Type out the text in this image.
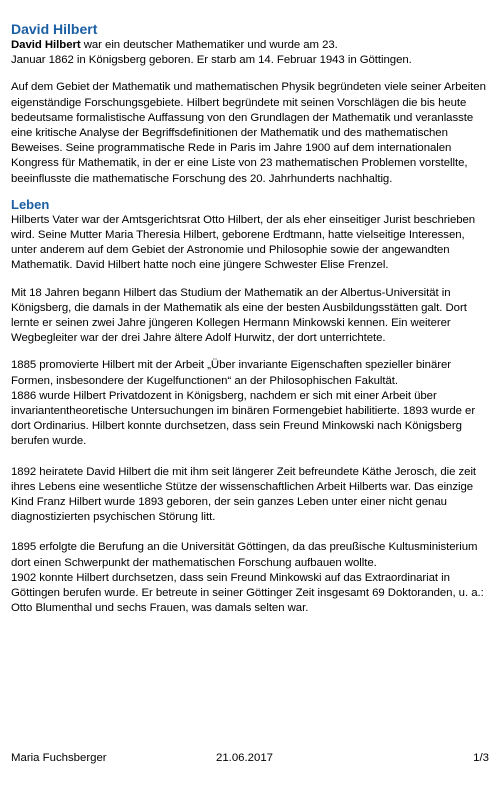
David Hilbert

David Hilbert war ein deutscher Mathematiker und wurde am 23.
Januar 1862 in Königsberg geboren. Er starb am 14. Februar 1943 in Göttingen.

Auf dem Gebiet der Mathematik und mathematischen Physik begründeten viele seiner Arbeiten eigenständige Forschungsgebiete. Hilbert begründete mit seinen Vorschlägen die bis heute bedeutsame formalistische Auffassung von den Grundlagen der Mathematik und veranlasste eine kritische Analyse der Begriffsdefinitionen der Mathematik und des mathematischen Beweises. Seine programmatische Rede in Paris im Jahre 1900 auf dem internationalen Kongress für Mathematik, in der er eine Liste von 23 mathematischen Problemen vorstellte, beeinflusste die mathematische Forschung des 20. Jahrhunderts nachhaltig.

Leben

Hilberts Vater war der Amtsgerichtsrat Otto Hilbert, der als eher einseitiger Jurist beschrieben wird. Seine Mutter Maria Theresia Hilbert, geborene Erdtmann, hatte vielseitige Interessen, unter anderem auf dem Gebiet der Astronomie und Philosophie sowie der angewandten Mathematik. David Hilbert hatte noch eine jüngere Schwester Elise Frenzel.

Mit 18 Jahren begann Hilbert das Studium der Mathematik an der Albertus-Universität in Königsberg, die damals in der Mathematik als eine der besten Ausbildungsstätten galt. Dort lernte er seinen zwei Jahre jüngeren Kollegen Hermann Minkowski kennen. Ein weiterer Wegbegleiter war der drei Jahre ältere Adolf Hurwitz, der dort unterrichtete.

1885 promovierte Hilbert mit der Arbeit „Über invariante Eigenschaften spezieller binärer Formen, insbesondere der Kugelfunctionen“ an der Philosophischen Fakultät.

1886 wurde Hilbert Privatdozent in Königsberg, nachdem er sich mit einer Arbeit über invariantentheoretische Untersuchungen im binären Formengebiet habilitierte. 1893 wurde er dort Ordinarius. Hilbert konnte durchsetzen, dass sein Freund Minkowski nach Königsberg berufen wurde.

1892 heiratete David Hilbert die mit ihm seit längerer Zeit befreundete Käthe Jerosch, die zeit ihres Lebens eine wesentliche Stütze der wissenschaftlichen Arbeit Hilberts war. Das einzige Kind Franz Hilbert wurde 1893 geboren, der sein ganzes Leben unter einer nicht genau diagnostizierten psychischen Störung litt.

1895 erfolgte die Berufung an die Universität Göttingen, da das preußische Kultusministerium dort einen Schwerpunkt der mathematischen Forschung aufbauen wollte.

1902 konnte Hilbert durchsetzen, dass sein Freund Minkowski auf das Extraordinariat in Göttingen berufen wurde. Er betreute in seiner Göttinger Zeit insgesamt 69 Doktoranden, u. a.: Otto Blumenthal und sechs Frauen, was damals selten war.

Maria Fuchsberger	21.06.2017	1/3
